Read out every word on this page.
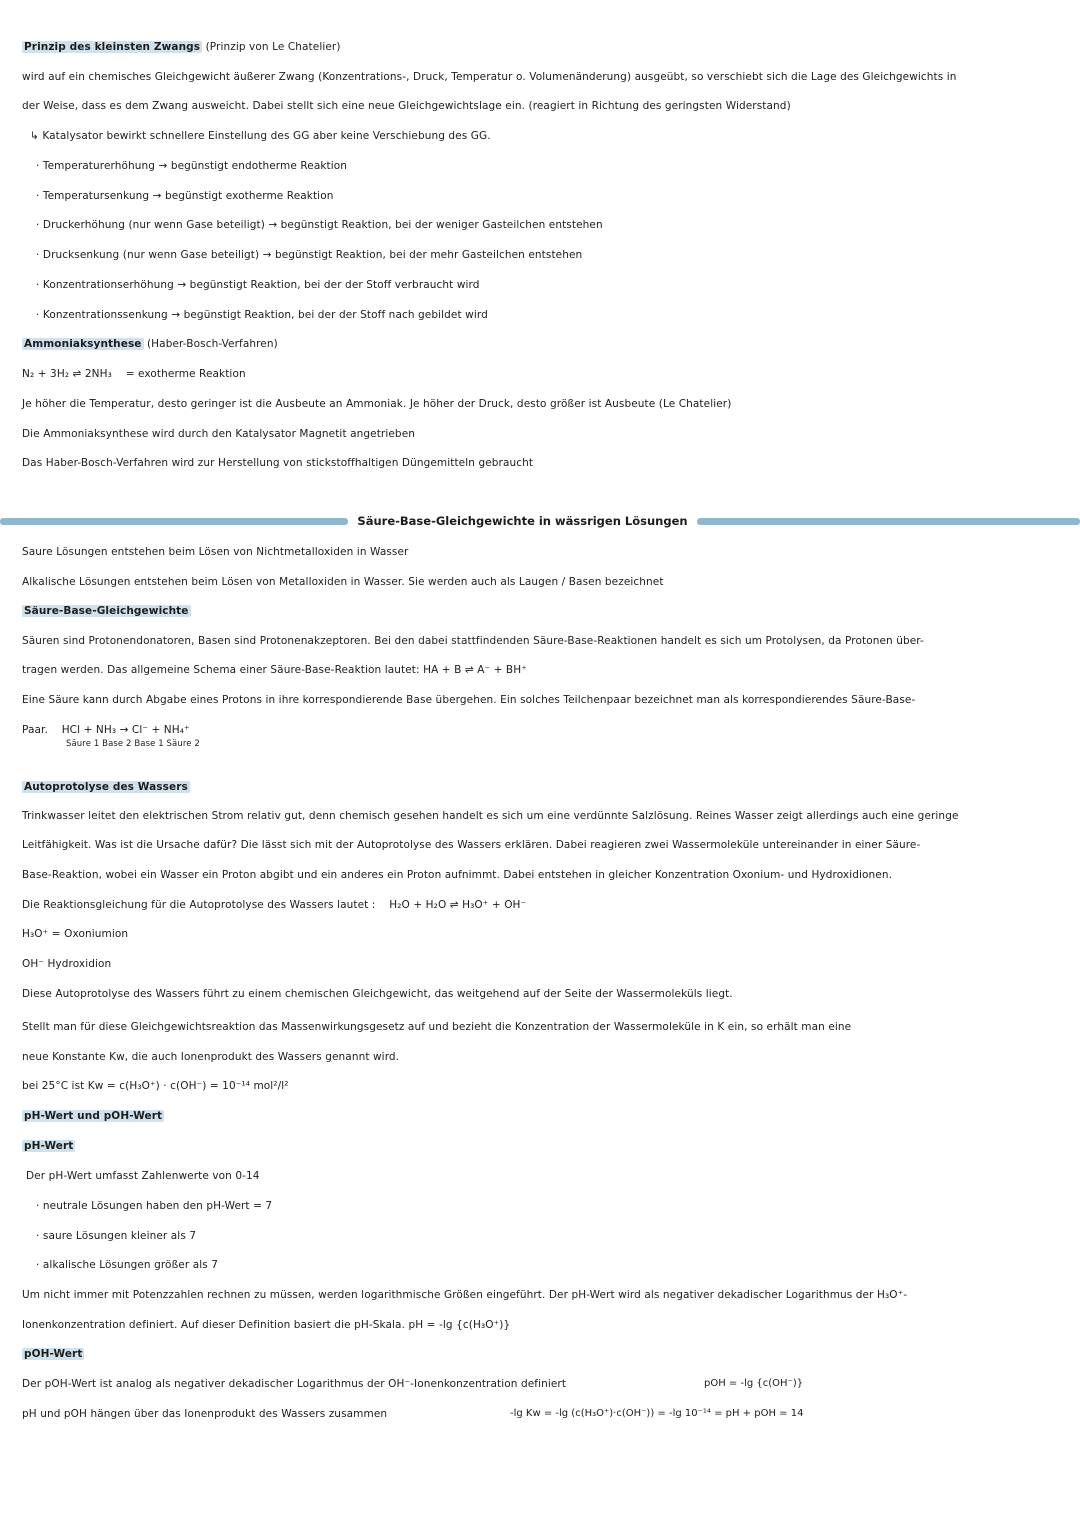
Prinzip des kleinsten Zwangs (Prinzip von Le Chatelier)
wird auf ein chemisches Gleichgewicht äußerer Zwang (Konzentrations-, Druck, Temperatur o. Volumenänderung) ausgeübt, so verschiebt sich die Lage des Gleichgewichts in
der Weise, dass es dem Zwang ausweicht. Dabei stellt sich eine neue Gleichgewichtslage ein. (reagiert in Richtung des geringsten Widerstand)
↳ Katalysator bewirkt schnellere Einstellung des GG aber keine Verschiebung des GG.
· Temperaturerhöhung → begünstigt endotherme Reaktion
· Temperatursenkung → begünstigt exotherme Reaktion
· Druckerhöhung (nur wenn Gase beteiligt) → begünstigt Reaktion, bei der weniger Gasteilchen entstehen
· Drucksenkung (nur wenn Gase beteiligt) → begünstigt Reaktion, bei der mehr Gasteilchen entstehen
· Konzentrationserhöhung → begünstigt Reaktion, bei der der Stoff verbraucht wird
· Konzentrationssenkung → begünstigt Reaktion, bei der der Stoff nach gebildet wird
Ammoniaksynthese (Haber-Bosch-Verfahren)
N₂ + 3H₂ ⇌ 2NH₃ = exotherme Reaktion
Je höher die Temperatur, desto geringer ist die Ausbeute an Ammoniak. Je höher der Druck, desto größer ist Ausbeute (Le Chatelier)
Die Ammoniaksynthese wird durch den Katalysator Magnetit angetrieben
Das Haber-Bosch-Verfahren wird zur Herstellung von stickstoffhaltigen Düngemitteln gebraucht
Säure-Base-Gleichgewichte in wässrigen Lösungen
Saure Lösungen entstehen beim Lösen von Nichtmetalloxiden in Wasser
Alkalische Lösungen entstehen beim Lösen von Metalloxiden in Wasser. Sie werden auch als Laugen / Basen bezeichnet
Säure-Base-Gleichgewichte
Säuren sind Protonendonatoren, Basen sind Protonenakzeptoren. Bei den dabei stattfindenden Säure-Base-Reaktionen handelt es sich um Protolysen, da Protonen über-
tragen werden. Das allgemeine Schema einer Säure-Base-Reaktion lautet: HA + B ⇌ A⁻ + BH⁺
Eine Säure kann durch Abgabe eines Protons in ihre korrespondierende Base übergehen. Ein solches Teilchenpaar bezeichnet man als korrespondierendes Säure-Base-
Paar. HCl + NH₃ → Cl⁻ + NH₄⁺
Säure 1 Base 2 Base 1 Säure 2
Autoprotolyse des Wassers
Trinkwasser leitet den elektrischen Strom relativ gut, denn chemisch gesehen handelt es sich um eine verdünnte Salzlösung. Reines Wasser zeigt allerdings auch eine geringe
Leitfähigkeit. Was ist die Ursache dafür? Die lässt sich mit der Autoprotolyse des Wassers erklären. Dabei reagieren zwei Wassermoleküle untereinander in einer Säure-
Base-Reaktion, wobei ein Wasser ein Proton abgibt und ein anderes ein Proton aufnimmt. Dabei entstehen in gleicher Konzentration Oxonium- und Hydroxidionen.
Die Reaktionsgleichung für die Autoprotolyse des Wassers lautet : H₂O + H₂O ⇌ H₃O⁺ + OH⁻
H₃O⁺ = Oxoniumion
OH⁻ Hydroxidion
Diese Autoprotolyse des Wassers führt zu einem chemischen Gleichgewicht, das weitgehend auf der Seite der Wassermoleküls liegt.
Stellt man für diese Gleichgewichtsreaktion das Massenwirkungsgesetz auf und bezieht die Konzentration der Wassermoleküle in K ein, so erhält man eine
neue Konstante Kw, die auch Ionenprodukt des Wassers genannt wird.
bei 25°C ist Kw = c(H₃O⁺) · c(OH⁻) = 10⁻¹⁴ mol²/l²
pH-Wert und pOH-Wert
pH-Wert
Der pH-Wert umfasst Zahlenwerte von 0-14
· neutrale Lösungen haben den pH-Wert = 7
· saure Lösungen kleiner als 7
· alkalische Lösungen größer als 7
Um nicht immer mit Potenzzahlen rechnen zu müssen, werden logarithmische Größen eingeführt. Der pH-Wert wird als negativer dekadischer Logarithmus der H₃O⁺-
Ionenkonzentration definiert. Auf dieser Definition basiert die pH-Skala. pH = -lg {c(H₃O⁺)}
pOH-Wert
Der pOH-Wert ist analog als negativer dekadischer Logarithmus der OH⁻-Ionenkonzentration definiert	pOH = -lg {c(OH⁻)}
pH und pOH hängen über das Ionenprodukt des Wassers zusammen	-lg Kw = -lg (c(H₃O⁺)·c(OH⁻)) = -lg 10⁻¹⁴ = pH + pOH = 14
